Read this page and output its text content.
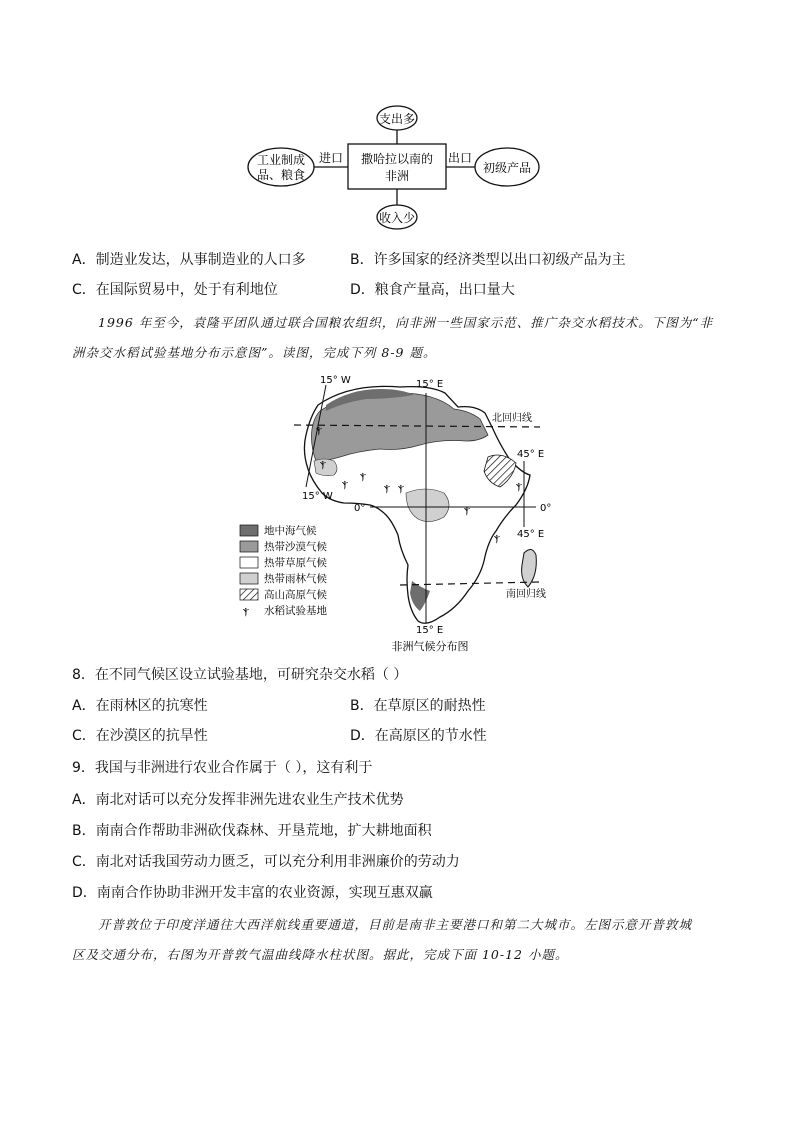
支出多
撒哈拉以南的
非洲
收入少
工业制成
品、粮食
进口	出口
初级产品
A．制造业发达，从事制造业的人口多	B．许多国家的经济类型以出口初级产品为主
C．在国际贸易中，处于有利地位	D．粮食产量高，出口量大
1996 年至今，袁隆平团队通过联合国粮农组织，向非洲一些国家示范、推广杂交水稻技术。下图为“非
洲杂交水稻试验基地分布示意图”。读图，完成下列 8-9 题。
北回归线
南回归线
0°	0°
15° W
15° W
15° E
15° E
45° E
45° E
ⲯ
ⲯ
ⲯ
ⲯ
ⲯ ⲯ
ⲯ
ⲯ
ⲯ
地中海气候
热带沙漠气候
热带草原气候
热带雨林气候
高山高原气候
ⲯ 水稻试验基地
非洲气候分布图
8．在不同气候区设立试验基地，可研究杂交水稻（ ）
A．在雨林区的抗寒性	B．在草原区的耐热性
C．在沙漠区的抗旱性	D．在高原区的节水性
9．我国与非洲进行农业合作属于（ ），这有利于
A．南北对话可以充分发挥非洲先进农业生产技术优势
B．南南合作帮助非洲砍伐森林、开垦荒地，扩大耕地面积
C．南北对话我国劳动力匮乏，可以充分利用非洲廉价的劳动力
D．南南合作协助非洲开发丰富的农业资源，实现互惠双赢
开普敦位于印度洋通往大西洋航线重要通道，目前是南非主要港口和第二大城市。左图示意开普敦城
区及交通分布，右图为开普敦气温曲线降水柱状图。据此，完成下面 10-12 小题。
